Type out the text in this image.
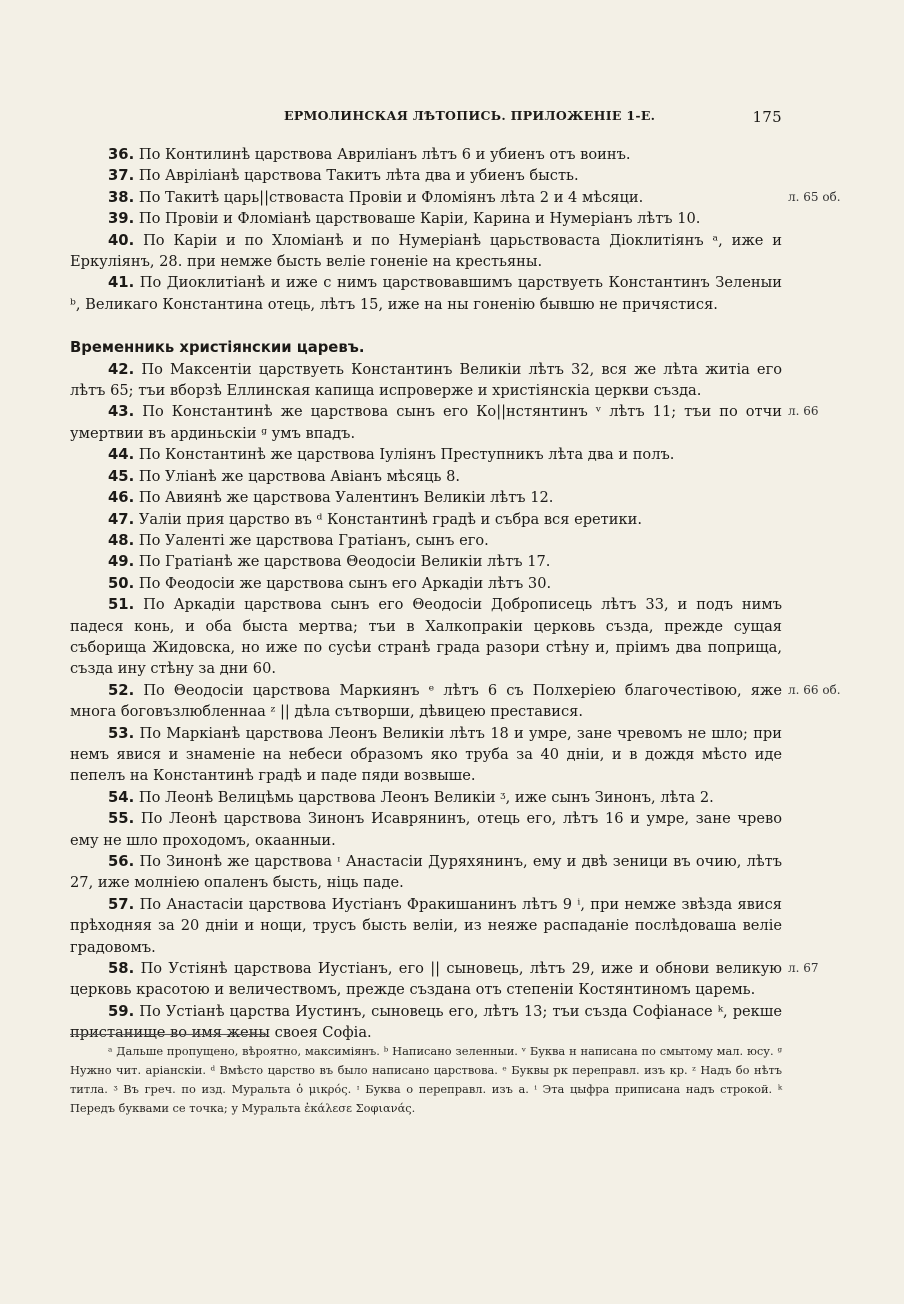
ЕРМОЛИНСКАЯ ЛѢТОПИСЬ. ПРИЛОЖЕНІЕ 1-Е.	175

36. По Контилинѣ царствова Авриліанъ лѣтъ 6 и убиенъ отъ воинъ.

37. По Авріліанѣ царствова Такитъ лѣта два и убиенъ бысть.

38. По Такитѣ царь||ствоваста Провіи и Фломіянъ лѣта 2 и 4 мѣсяци.	л. 65 об.

39. По Провіи и Фломіанѣ царствоваше Каріи, Карина и Нумеріанъ лѣтъ 10.

40. По Каріи и по Хломіанѣ и по Нумеріанѣ царьствоваста Діоклитіянъ ᵃ, иже и Еркуліянъ, 28. при немже бысть веліе гоненіе на крестьяны.

41. По Диоклитіанѣ и иже с нимъ царствовавшимъ царствуеть Константинъ Зеленыи ᵇ, Великаго Константина отець, лѣтъ 15, иже на ны гоненію бывшю не причястися.

Временникь христіянскии царевъ.

42. По Максентіи царствуеть Константинъ Великіи лѣтъ 32, вся же лѣта житіа его лѣтъ 65; тъи вборзѣ Еллинская капища испроверже и христіянскіа церкви създа.

43. По Константинѣ же царствова сынъ его Ко||нстянтинъ ᵛ лѣтъ 11; тъи по отчи умертвии въ ардиньскіи ᵍ умъ впадъ.
л. 66

44. По Константинѣ же царствова Іуліянъ Преступникъ лѣта два и полъ.

45. По Уліанѣ же царствова Авіанъ мѣсяць 8.

46. По Авиянѣ же царствова Уалентинъ Великіи лѣтъ 12.

47. Уаліи прия царство въ ᵈ Константинѣ градѣ и събра вся еретики.

48. По Уаленті же царствова Гратіанъ, сынъ его.

49. По Гратіанѣ же царствова Θеодосіи Великіи лѣтъ 17.

50. По Феодосіи же царствова сынъ его Аркадіи лѣтъ 30.

51. По Аркадіи царствова сынъ его Θеодосіи Доброписець лѣтъ 33, и подъ нимъ падеся конь, и оба быста мертва; тъи в Халкопракіи церковь създа, прежде сущая съборища Жидовска, но иже по сусѣи странѣ града разори стѣну и, пріимъ два поприща, създа ину стѣну за дни 60.

52. По Θеодосіи царствова Маркиянъ ᵉ лѣтъ 6 съ Полхеріею благочестівою, яже многа боговъзлюбленнаа ᶻ || дѣла сътворши, дѣвицею преставися.
л. 66 об.

53. По Маркіанѣ царствова Леонъ Великіи лѣтъ 18 и умре, зане чревомъ не шло; при немъ явися и знаменіе на небеси образомъ яко труба за 40 днiи, и в дождя мѣсто иде пепелъ на Константинѣ градѣ и паде пяди возвыше.

54. По Леонѣ Велицѣмь царствова Леонъ Великіи ᶾ, иже сынъ Зинонъ, лѣта 2.

55. По Леонѣ царствова Зинонъ Исаврянинъ, отець его, лѣтъ 16 и умре, зане чрево ему не шло проходомъ, окаанныи.

56. По Зинонѣ же царствова ᶦ Анастасіи Дуряхянинъ, ему и двѣ зеници въ очию, лѣтъ 27, иже молніею опаленъ бысть, нiць паде.

57. По Анастасіи царствова Иустіанъ Фракишанинъ лѣтъ 9 ⁱ, при немже звѣзда явися прѣходняя за 20 дніи и нощи, трусъ бысть веліи, из неяже распаданіе послѣдоваша веліе градовомъ.

58. По Устіянѣ царствова Иустіанъ, его || сыновець, лѣтъ 29, иже и обнови великую церковь красотою и величествомъ, прежде създана отъ степеніи Костянтиномъ царемь.
л. 67

59. По Устіанѣ царства Иустинъ, сыновець его, лѣтъ 13; тъи създа Софіанасе ᵏ, рекше пристанище во имя жены своея Софіа.

ᵃ Дальше пропущено, вѣроятно, максиміянъ. ᵇ Написано зеленныи. ᵛ Буква н написана по смытому мал. юсу. ᵍ Нужно чит. аріанскіи. ᵈ Вмѣсто царство въ было написано царствова. ᵉ Буквы рк переправл. изъ кр. ᶻ Надъ бо нѣтъ титла. ᶾ Въ греч. по изд. Муральта ὁ μικρός. ᶦ Буква о переправл. изъ а. ⁱ Эта цыфра приписана надъ строкой. ᵏ Передъ буквами се точка; у Муральта ἐκάλεσε Σοφιανάς.
